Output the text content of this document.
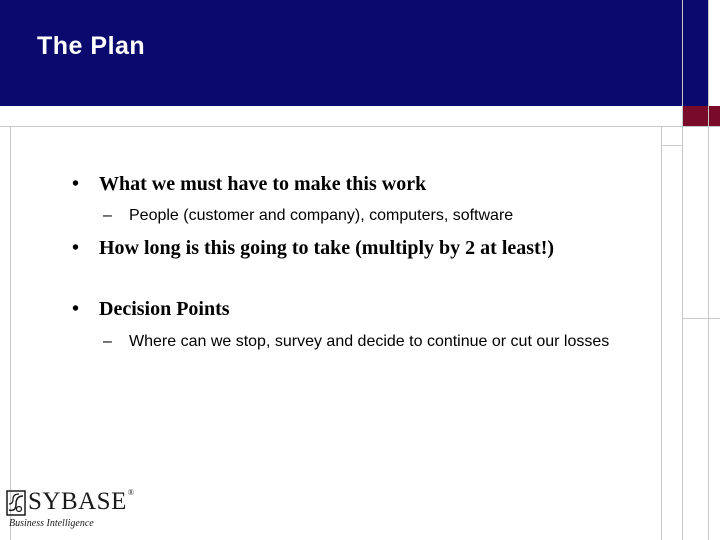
The Plan
• What we must have to make this work
– People (customer and company), computers, software
• How long is this going to take (multiply by 2 at least!)
• Decision Points
– Where can we stop, survey and decide to continue or cut our losses
SYBASE®
Business Intelligence
